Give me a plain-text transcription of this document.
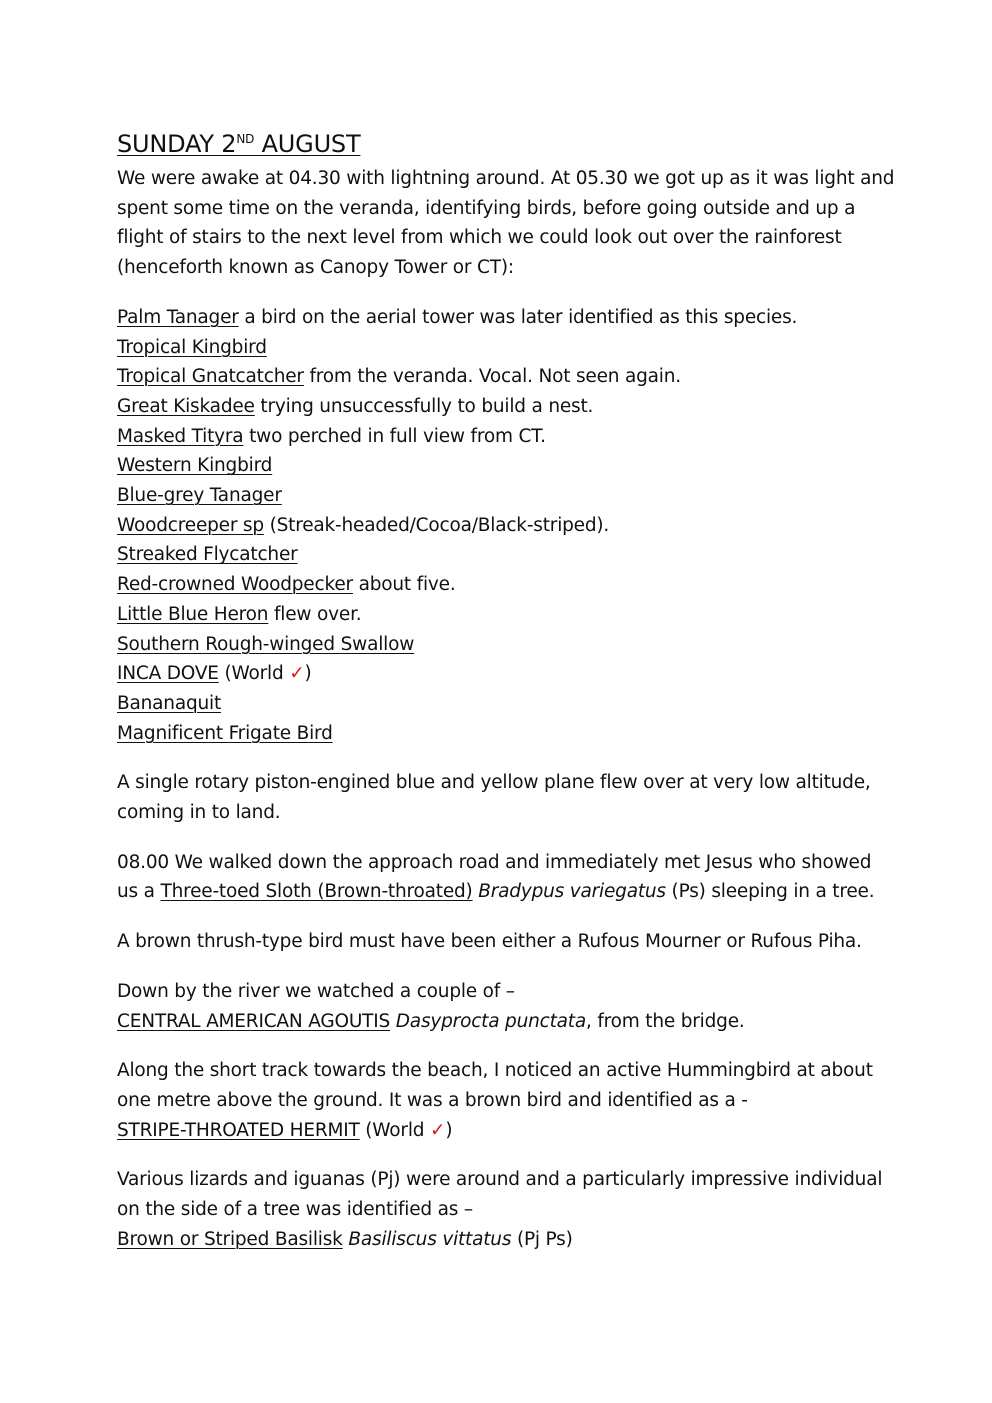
SUNDAY 2ND AUGUST

We were awake at 04.30 with lightning around. At 05.30 we got up as it was light and spent some time on the veranda, identifying birds, before going outside and up a flight of stairs to the next level from which we could look out over the rainforest (henceforth known as Canopy Tower or CT):

Palm Tanager a bird on the aerial tower was later identified as this species.
Tropical Kingbird
Tropical Gnatcatcher from the veranda. Vocal. Not seen again.
Great Kiskadee trying unsuccessfully to build a nest.
Masked Tityra two perched in full view from CT.
Western Kingbird
Blue-grey Tanager
Woodcreeper sp (Streak-headed/Cocoa/Black-striped).
Streaked Flycatcher
Red-crowned Woodpecker about five.
Little Blue Heron flew over.
Southern Rough-winged Swallow
INCA DOVE (World ✓)
Bananaquit
Magnificent Frigate Bird

A single rotary piston-engined blue and yellow plane flew over at very low altitude, coming in to land.

08.00 We walked down the approach road and immediately met Jesus who showed us a Three-toed Sloth (Brown-throated) Bradypus variegatus (Ps) sleeping in a tree.

A brown thrush-type bird must have been either a Rufous Mourner or Rufous Piha.

Down by the river we watched a couple of –
CENTRAL AMERICAN AGOUTIS Dasyprocta punctata, from the bridge.

Along the short track towards the beach, I noticed an active Hummingbird at about one metre above the ground. It was a brown bird and identified as a -
STRIPE-THROATED HERMIT (World ✓)

Various lizards and iguanas (Pj) were around and a particularly impressive individual on the side of a tree was identified as –
Brown or Striped Basilisk Basiliscus vittatus (Pj Ps)
